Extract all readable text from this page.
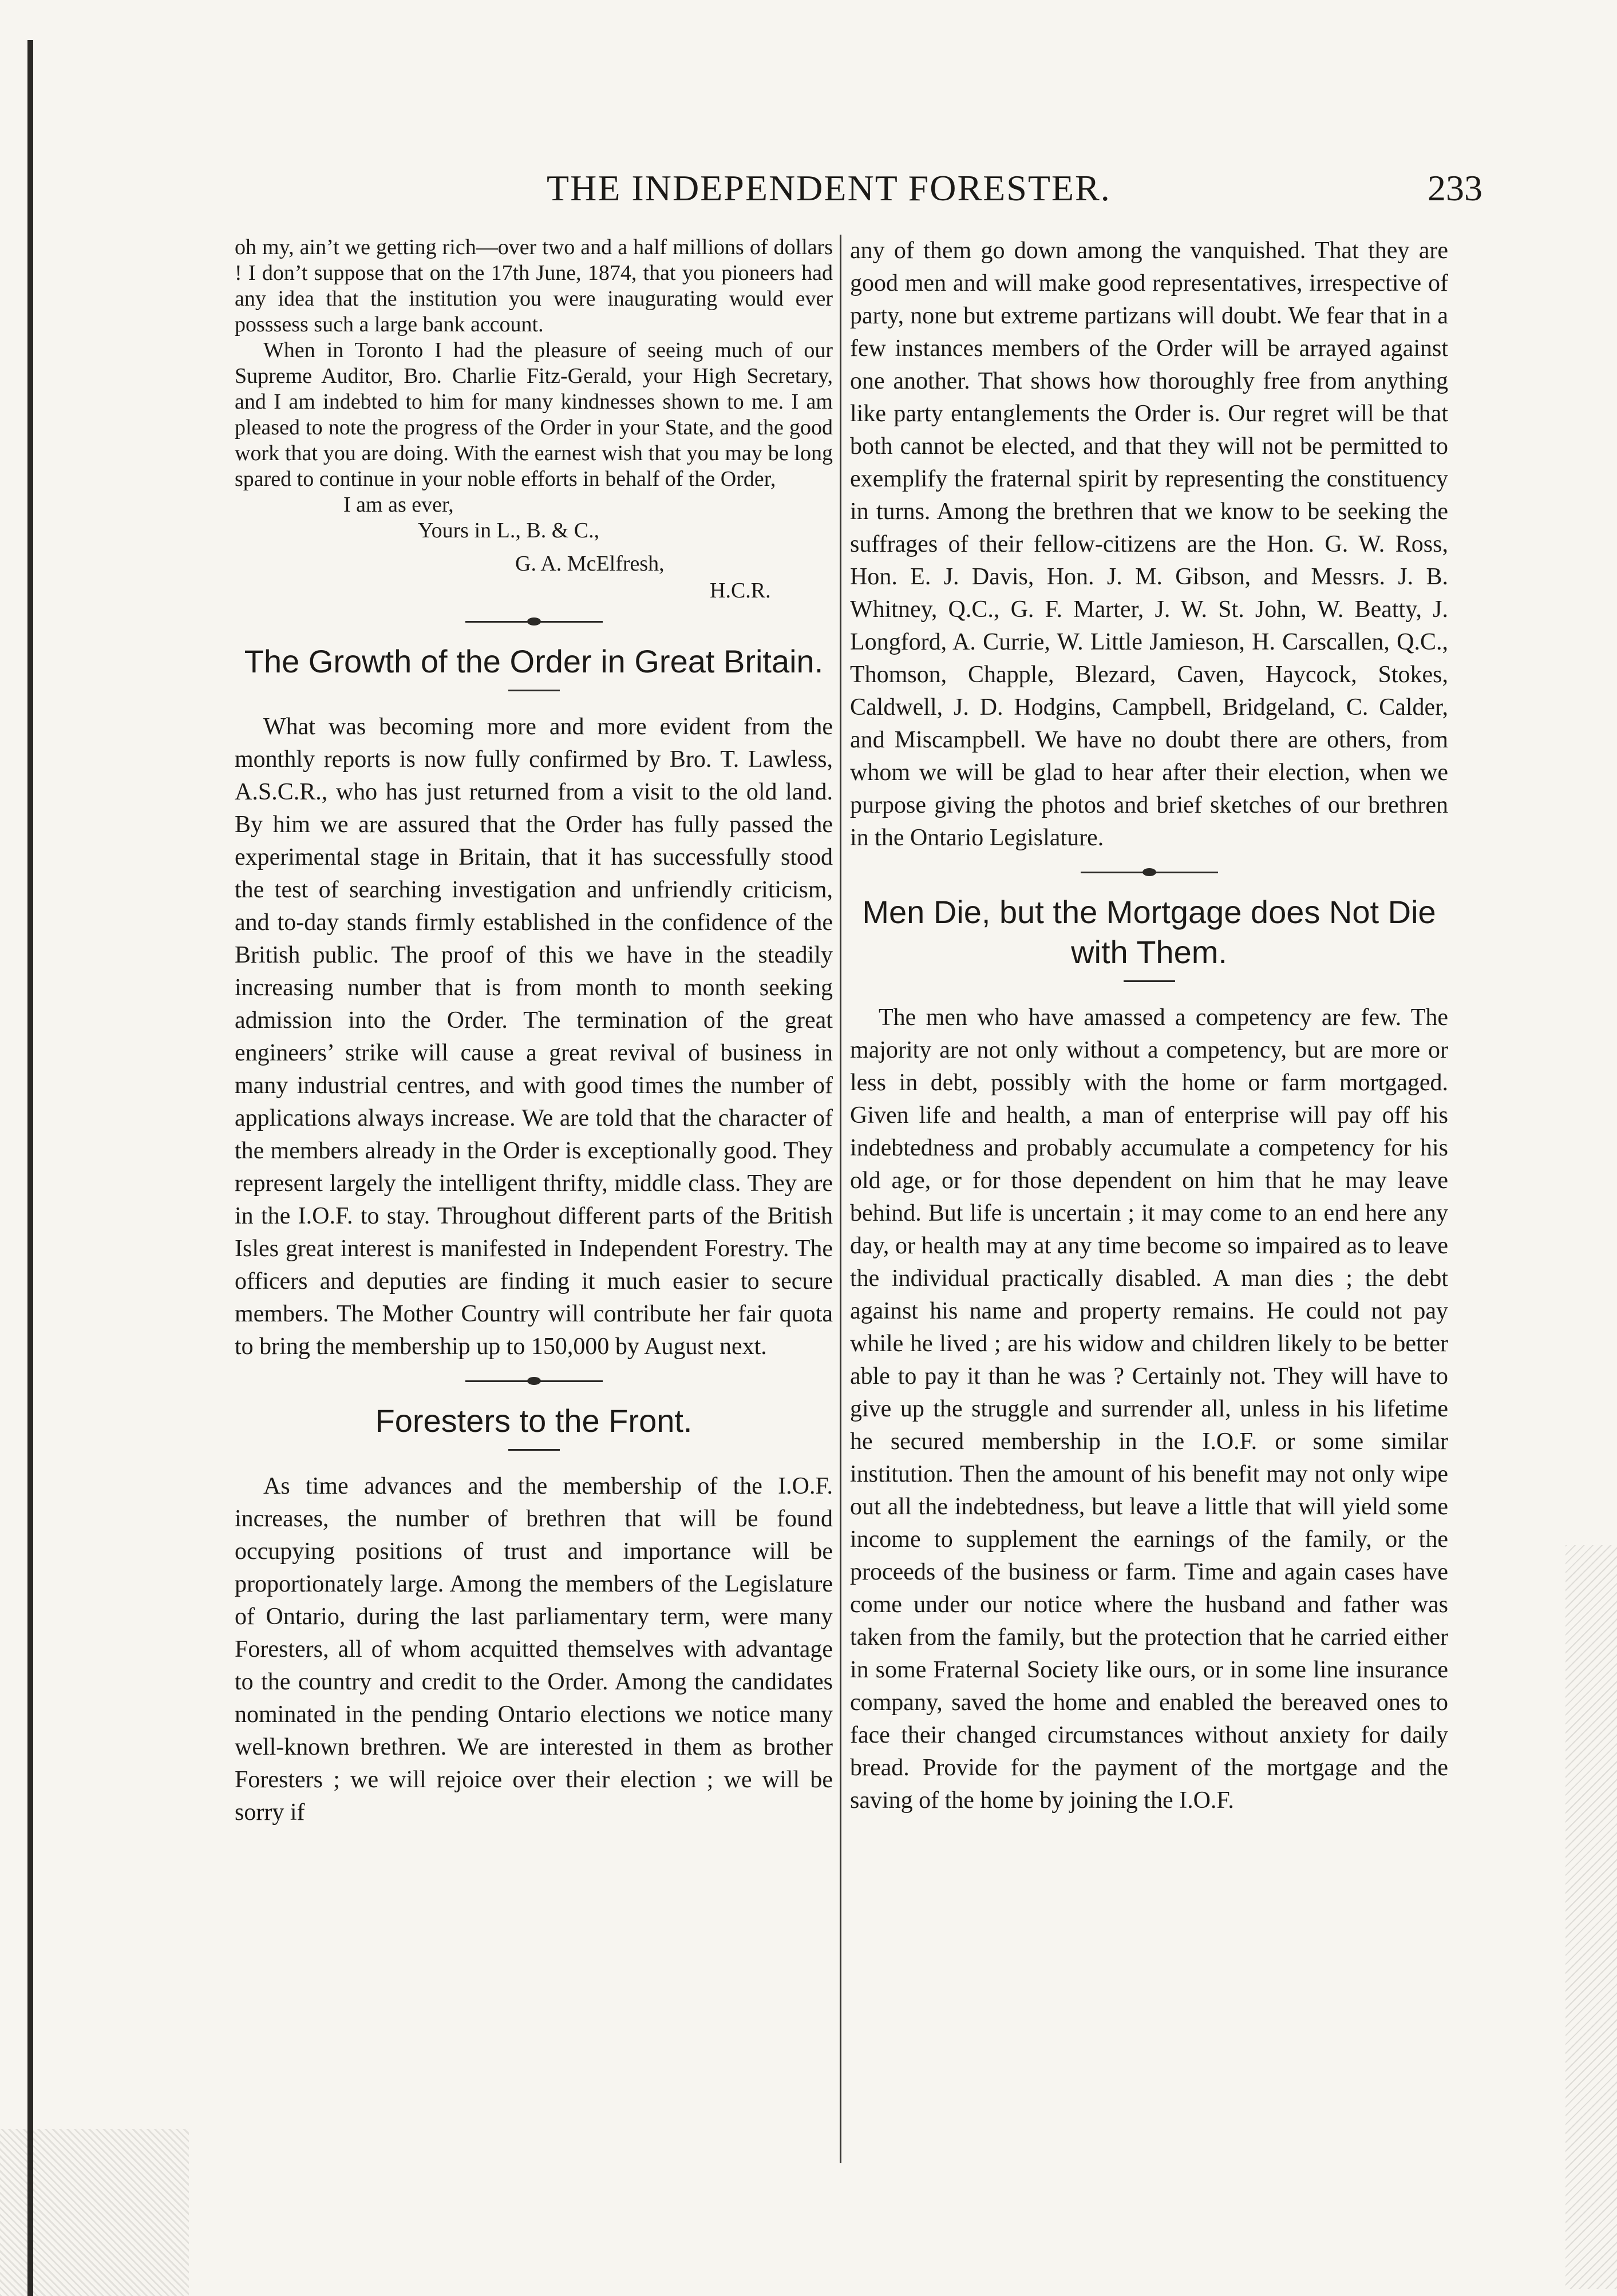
THE INDEPENDENT FORESTER.	233

oh my, ain’t we getting rich—over two and a half millions of dollars ! I don’t suppose that on the 17th June, 1874, that you pioneers had any idea that the institution you were inaugurating would ever posssess such a large bank account.

When in Toronto I had the pleasure of seeing much of our Supreme Auditor, Bro. Charlie Fitz-Gerald, your High Secretary, and I am indebted to him for many kindnesses shown to me. I am pleased to note the progress of the Order in your State, and the good work that you are doing. With the earnest wish that you may be long spared to continue in your noble efforts in behalf of the Order,

I am as ever,

Yours in L., B. & C.,

G. A. McElfresh,

H.C.R.

The Growth of the Order in Great Britain.

What was becoming more and more evident from the monthly reports is now fully confirmed by Bro. T. Lawless, A.S.C.R., who has just returned from a visit to the old land. By him we are assured that the Order has fully passed the experimental stage in Britain, that it has successfully stood the test of searching investigation and unfriendly criticism, and to-day stands firmly established in the confidence of the British public. The proof of this we have in the steadily increasing number that is from month to month seeking admission into the Order. The termination of the great engineers’ strike will cause a great revival of business in many industrial centres, and with good times the number of applications always increase. We are told that the character of the members already in the Order is exceptionally good. They represent largely the intelligent thrifty, middle class. They are in the I.O.F. to stay. Throughout different parts of the British Isles great interest is manifested in Independent Forestry. The officers and deputies are finding it much easier to secure members. The Mother Country will contribute her fair quota to bring the membership up to 150,000 by August next.

Foresters to the Front.

As time advances and the membership of the I.O.F. increases, the number of brethren that will be found occupying positions of trust and importance will be proportionately large. Among the members of the Legislature of Ontario, during the last parliamentary term, were many Foresters, all of whom acquitted themselves with advantage to the country and credit to the Order. Among the candidates nominated in the pending Ontario elections we notice many well-known brethren. We are interested in them as brother Foresters ; we will rejoice over their election ; we will be sorry if

any of them go down among the vanquished. That they are good men and will make good representatives, irrespective of party, none but extreme partizans will doubt. We fear that in a few instances members of the Order will be arrayed against one another. That shows how thoroughly free from anything like party entanglements the Order is. Our regret will be that both cannot be elected, and that they will not be permitted to exemplify the fraternal spirit by representing the constituency in turns. Among the brethren that we know to be seeking the suffrages of their fellow-citizens are the Hon. G. W. Ross, Hon. E. J. Davis, Hon. J. M. Gibson, and Messrs. J. B. Whitney, Q.C., G. F. Marter, J. W. St. John, W. Beatty, J. Longford, A. Currie, W. Little Jamieson, H. Carscallen, Q.C., Thomson, Chapple, Blezard, Caven, Haycock, Stokes, Caldwell, J. D. Hodgins, Campbell, Bridgeland, C. Calder, and Miscampbell. We have no doubt there are others, from whom we will be glad to hear after their election, when we purpose giving the photos and brief sketches of our brethren in the Ontario Legislature.

Men Die, but the Mortgage does Not Die with Them.

The men who have amassed a competency are few. The majority are not only without a competency, but are more or less in debt, possibly with the home or farm mortgaged. Given life and health, a man of enterprise will pay off his indebtedness and probably accumulate a competency for his old age, or for those dependent on him that he may leave behind. But life is uncertain ; it may come to an end here any day, or health may at any time become so impaired as to leave the individual practically disabled. A man dies ; the debt against his name and property remains. He could not pay while he lived ; are his widow and children likely to be better able to pay it than he was ? Certainly not. They will have to give up the struggle and surrender all, unless in his lifetime he secured membership in the I.O.F. or some similar institution. Then the amount of his benefit may not only wipe out all the indebtedness, but leave a little that will yield some income to supplement the earnings of the family, or the proceeds of the business or farm. Time and again cases have come under our notice where the husband and father was taken from the family, but the protection that he carried either in some Fraternal Society like ours, or in some line insurance company, saved the home and enabled the bereaved ones to face their changed circumstances without anxiety for daily bread. Provide for the payment of the mortgage and the saving of the home by joining the I.O.F.
